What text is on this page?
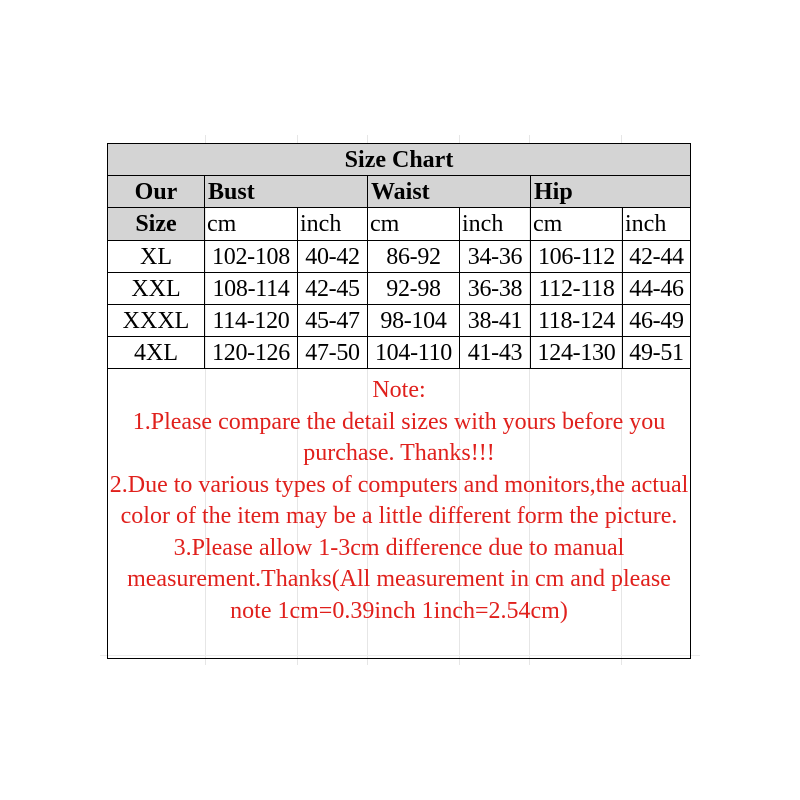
Size Chart						
Our	Bust		Waist		Hip	
Size	cm	inch	cm	inch	cm	inch
XL	102-108	40-42	86-92	34-36	106-112	42-44
XXL	108-114	42-45	92-98	36-38	112-118	44-46
XXXL	114-120	45-47	98-104	38-41	118-124	46-49
4XL	120-126	47-50	104-110	41-43	124-130	49-51

Note:

1.Please compare the detail sizes with yours before you purchase. Thanks!!!

2.Due to various types of computers and monitors,the actual color of the item may be a little different form the picture.

3.Please allow 1-3cm difference due to manual measurement.Thanks(All measurement in cm and please note 1cm=0.39inch 1inch=2.54cm)						
